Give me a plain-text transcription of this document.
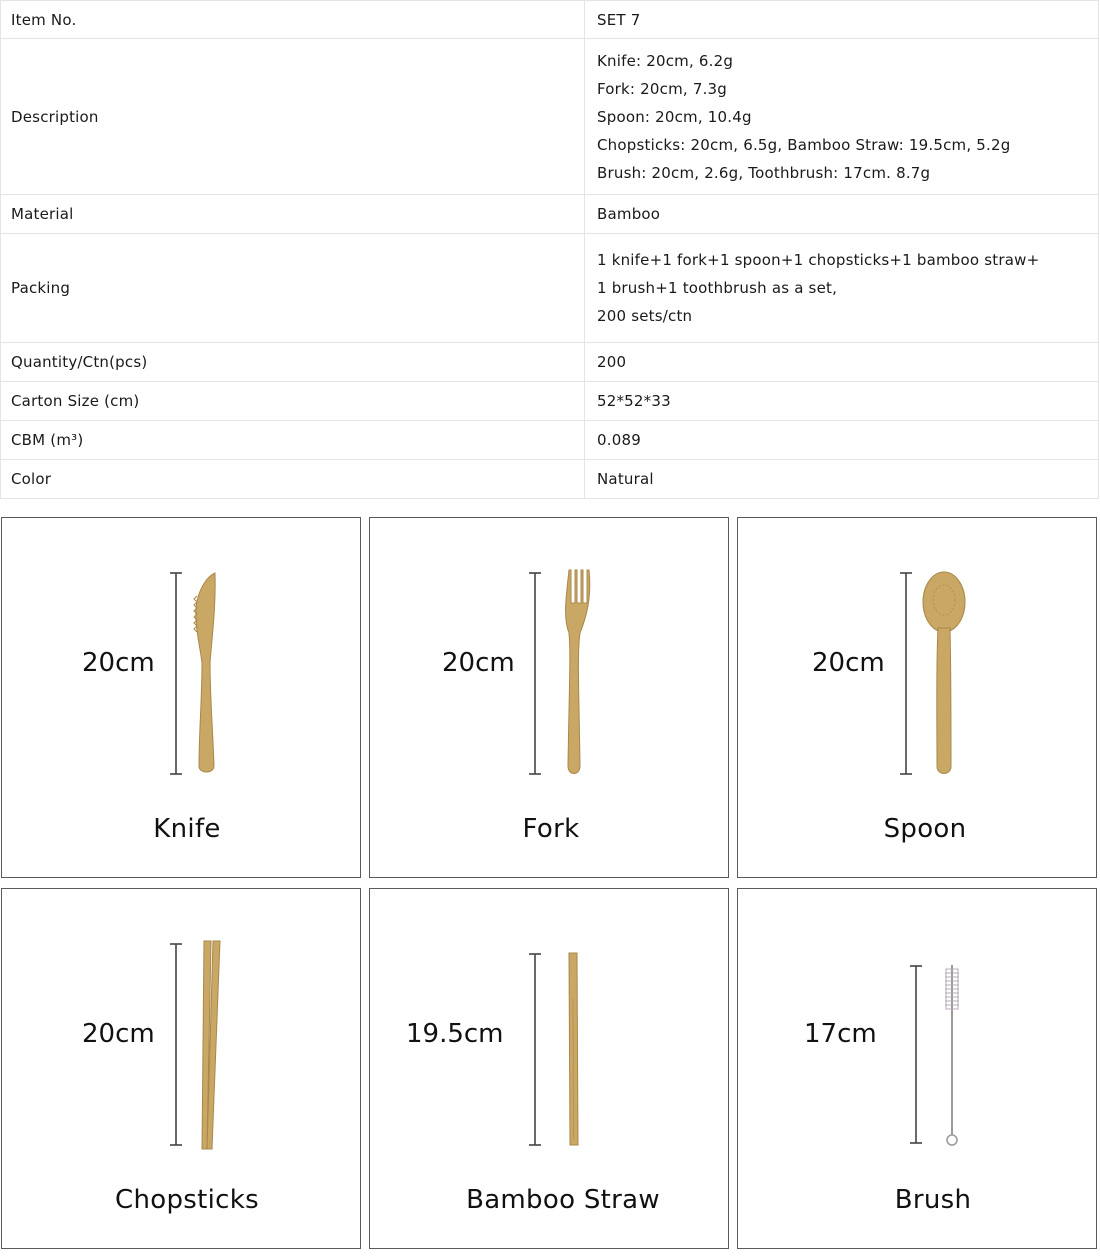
Item No.	SET 7

Description	Knife: 20cm, 6.2g
Fork: 20cm, 7.3g
Spoon: 20cm, 10.4g
Chopsticks: 20cm, 6.5g, Bamboo Straw: 19.5cm, 5.2g
Brush: 20cm, 2.6g, Toothbrush: 17cm. 8.7g

Material	Bamboo

Packing	1 knife+1 fork+1 spoon+1 chopsticks+1 bamboo straw+
1 brush+1 toothbrush as a set,
200 sets/ctn

Quantity/Ctn(pcs)	200

Carton Size (cm)	52*52*33

CBM (m³)	0.089

Color	Natural
20cm
Knife
20cm
Fork
20cm
Spoon
20cm
Chopsticks
19.5cm
Bamboo Straw
17cm
Brush
